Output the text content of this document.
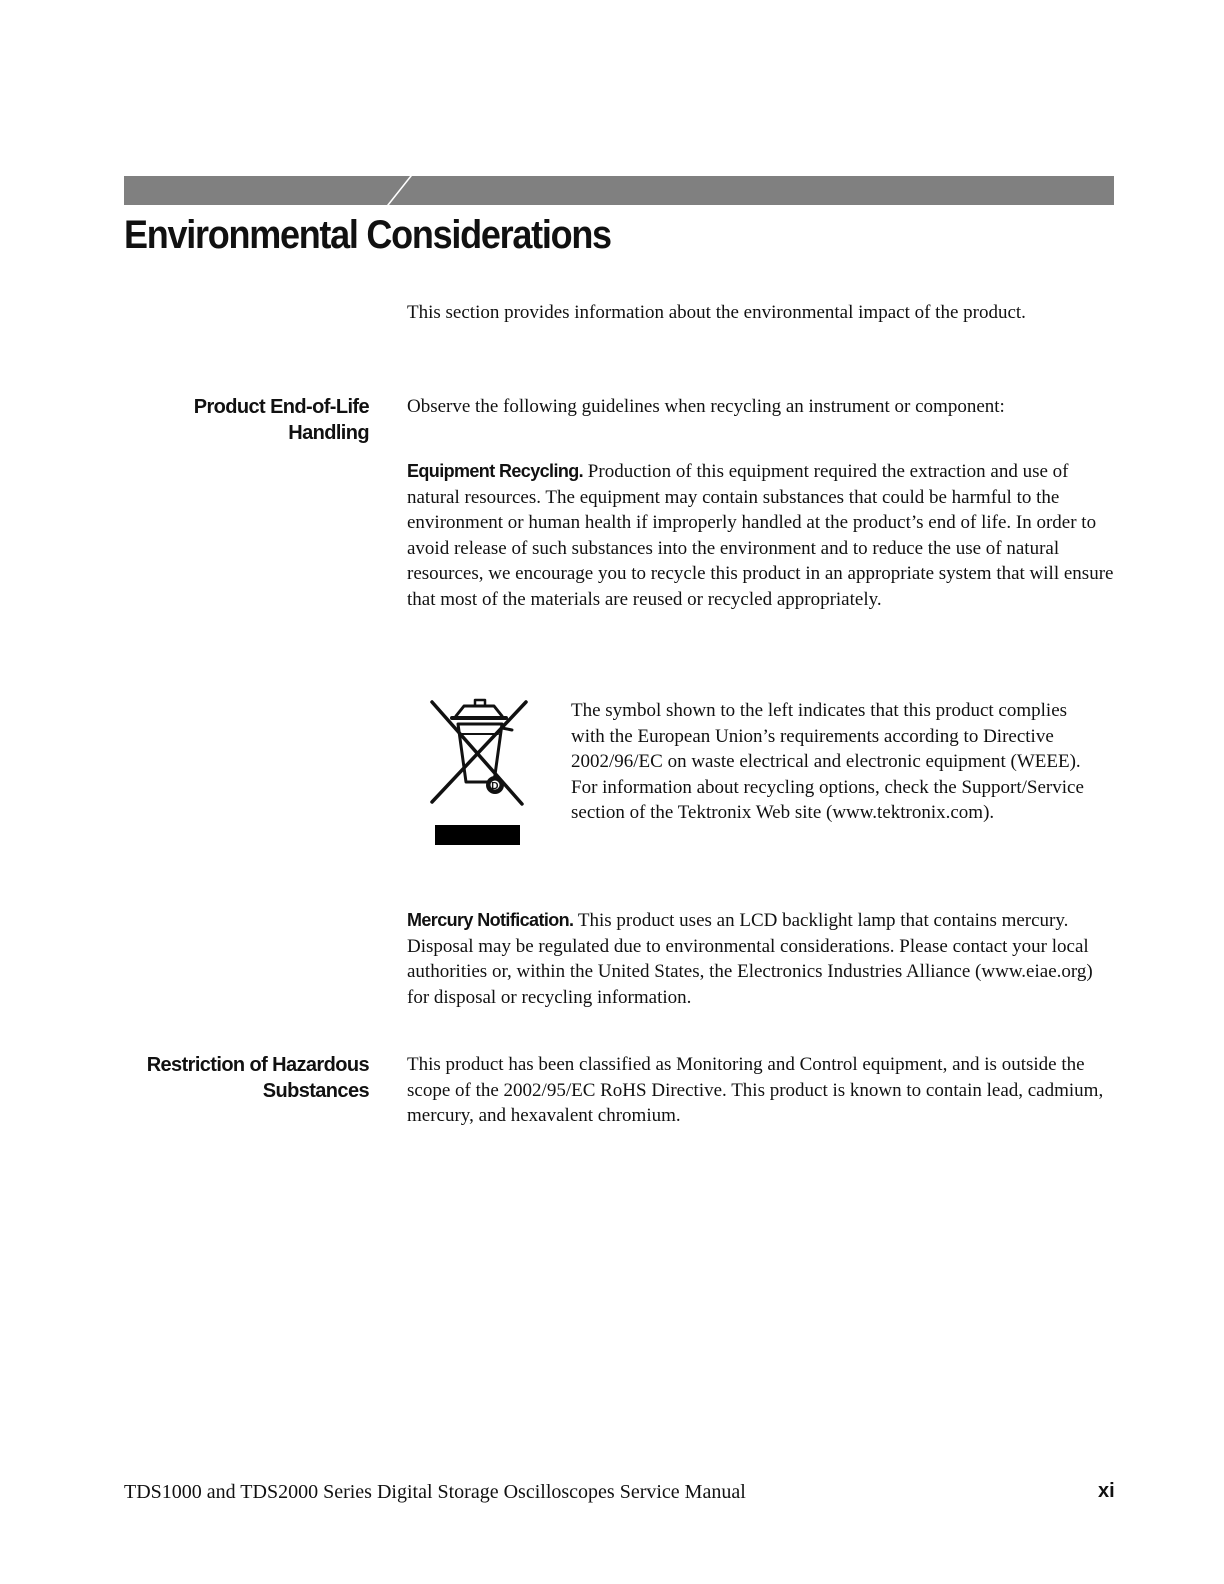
Environmental Considerations

This section provides information about the environmental impact of the product.

Product End-of-Life
Handling

Observe the following guidelines when recycling an instrument or component:

Equipment Recycling. Production of this equipment required the extraction and use of natural resources. The equipment may contain substances that could be harmful to the environment or human health if improperly handled at the product’s end of life. In order to avoid release of such substances into the environment and to reduce the use of natural resources, we encourage you to recycle this product in an appropriate system that will ensure that most of the materials are reused or recycled appropriately.

D

The symbol shown to the left indicates that this product complies with the European Union’s requirements according to Directive 2002/96/EC on waste electrical and electronic equipment (WEEE). For information about recycling options, check the Support/Service section of the Tektronix Web site (www.tektronix.com).

Mercury Notification. This product uses an LCD backlight lamp that contains mercury. Disposal may be regulated due to environmental considerations. Please contact your local authorities or, within the United States, the Electronics Industries Alliance (www.eiae.org) for disposal or recycling information.

Restriction of Hazardous
Substances

This product has been classified as Monitoring and Control equipment, and is outside the scope of the 2002/95/EC RoHS Directive. This product is known to contain lead, cadmium, mercury, and hexavalent chromium.

TDS1000 and TDS2000 Series Digital Storage Oscilloscopes Service Manual	xi
